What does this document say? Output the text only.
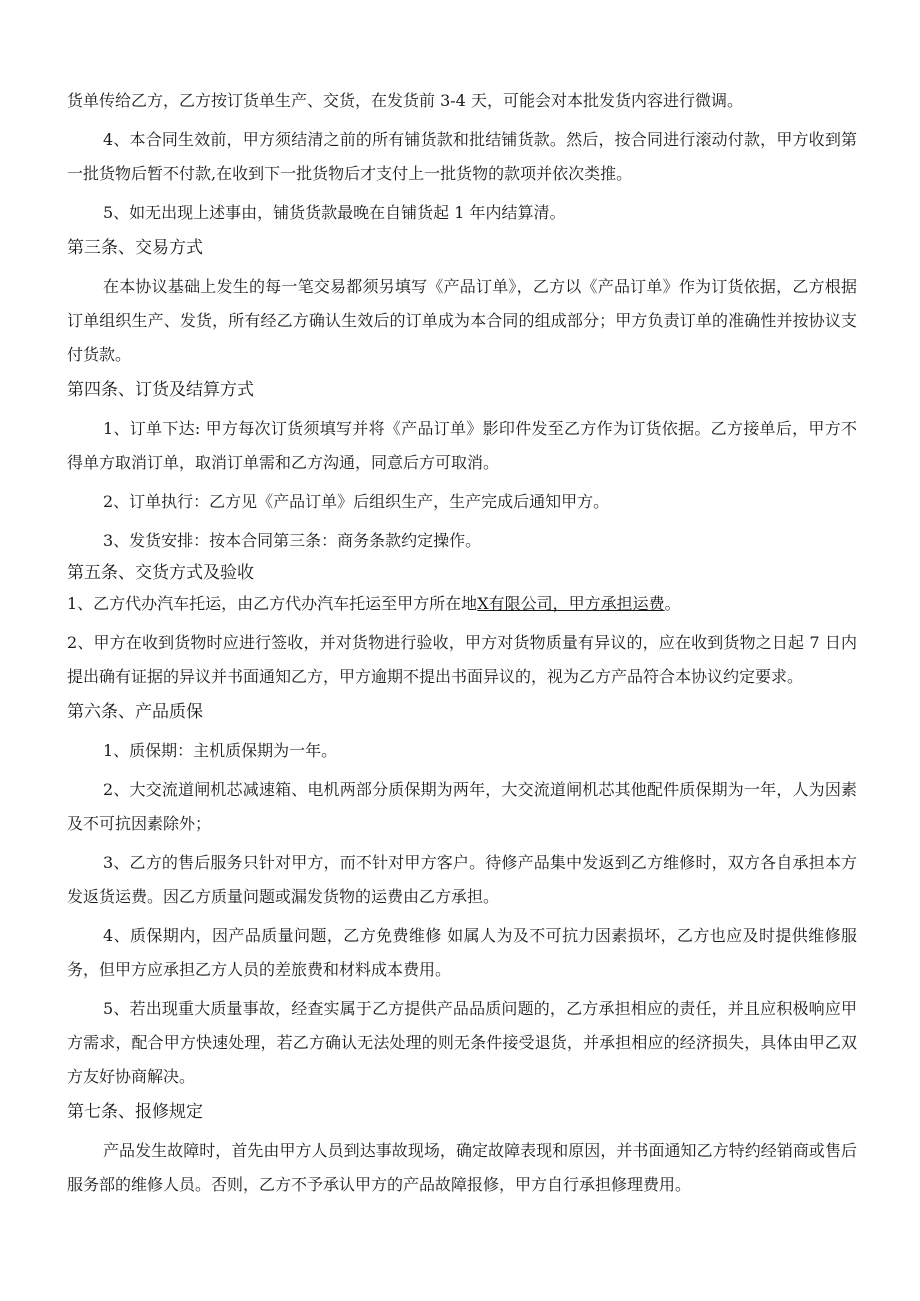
货单传给乙方，乙方按订货单生产、交货，在发货前 3-4 天，可能会对本批发货内容进行微调。

4、本合同生效前，甲方须结清之前的所有铺货款和批结铺货款。然后，按合同进行滚动付款，甲方收到第一批货物后暂不付款,在收到下一批货物后才支付上一批货物的款项并依次类推。

5、如无出现上述事由，铺货货款最晚在自铺货起 1 年内结算清。

第三条、交易方式

在本协议基础上发生的每一笔交易都须另填写《产品订单》，乙方以《产品订单》作为订货依据，乙方根据订单组织生产、发货，所有经乙方确认生效后的订单成为本合同的组成部分；甲方负责订单的准确性并按协议支付货款。

第四条、订货及结算方式

1、订单下达: 甲方每次订货须填写并将《产品订单》影印件发至乙方作为订货依据。乙方接单后，甲方不得单方取消订单，取消订单需和乙方沟通，同意后方可取消。

2、订单执行：乙方见《产品订单》后组织生产，生产完成后通知甲方。

3、发货安排：按本合同第三条：商务条款约定操作。

第五条、交货方式及验收

1、乙方代办汽车托运，由乙方代办汽车托运至甲方所在地X有限公司，甲方承担运费。

2、甲方在收到货物时应进行签收，并对货物进行验收，甲方对货物质量有异议的，应在收到货物之日起 7 日内提出确有证据的异议并书面通知乙方，甲方逾期不提出书面异议的，视为乙方产品符合本协议约定要求。

第六条、产品质保

1、质保期：主机质保期为一年。

2、大交流道闸机芯减速箱、电机两部分质保期为两年，大交流道闸机芯其他配件质保期为一年，人为因素及不可抗因素除外；

3、乙方的售后服务只针对甲方，而不针对甲方客户。待修产品集中发返到乙方维修时，双方各自承担本方发返货运费。因乙方质量问题或漏发货物的运费由乙方承担。

4、质保期内，因产品质量问题，乙方免费维修 如属人为及不可抗力因素损坏，乙方也应及时提供维修服务，但甲方应承担乙方人员的差旅费和材料成本费用。

5、若出现重大质量事故，经查实属于乙方提供产品品质问题的，乙方承担相应的责任，并且应积极响应甲方需求，配合甲方快速处理，若乙方确认无法处理的则无条件接受退货，并承担相应的经济损失，具体由甲乙双方友好协商解决。

第七条、报修规定

产品发生故障时，首先由甲方人员到达事故现场，确定故障表现和原因，并书面通知乙方特约经销商或售后服务部的维修人员。否则，乙方不予承认甲方的产品故障报修，甲方自行承担修理费用。
